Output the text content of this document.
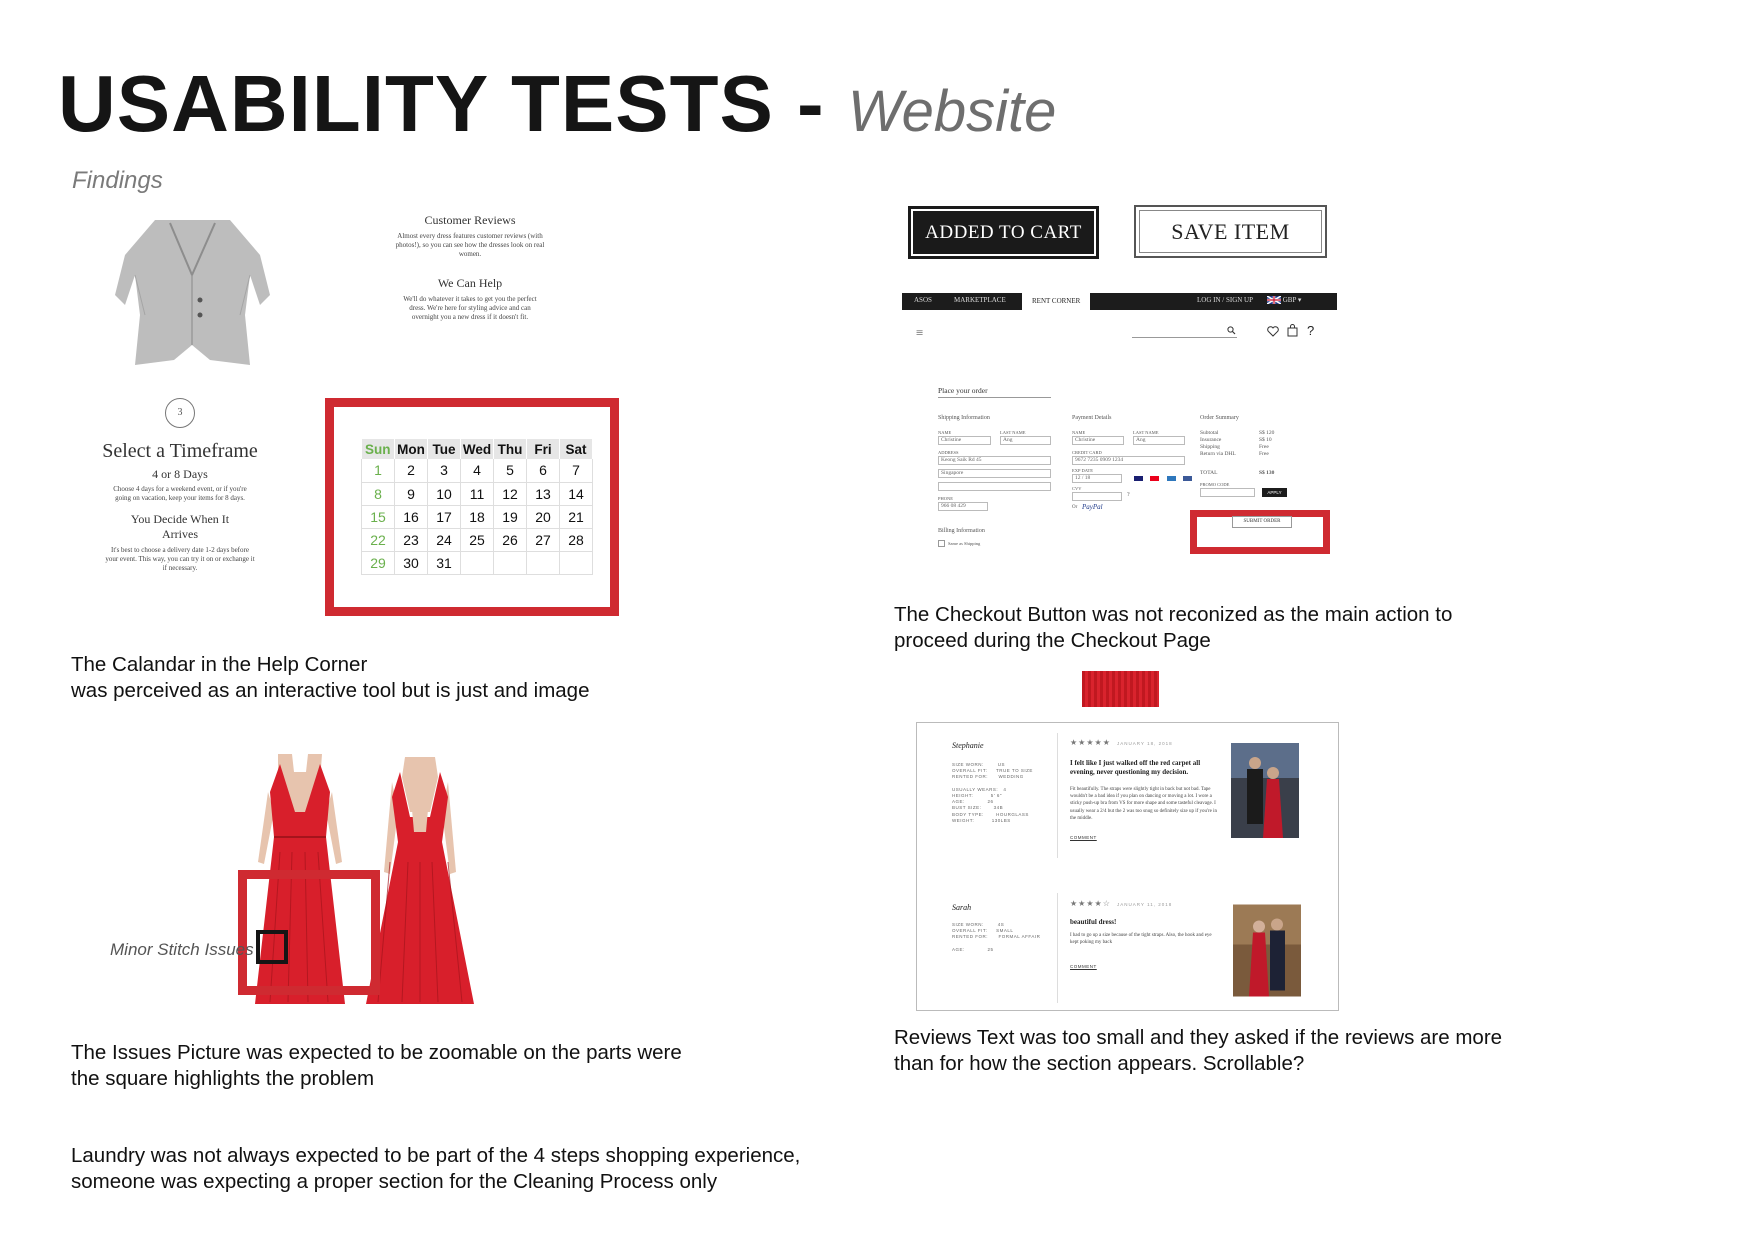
USABILITY TESTS - Website
Findings
Customer Reviews
Almost every dress features customer reviews (with photos!), so you can see how the dresses look on real women.
We Can Help
We'll do whatever it takes to get you the perfect dress. We're here for styling advice and can overnight you a new dress if it doesn't fit.
3
Select a Timeframe
4 or 8 Days
Choose 4 days for a weekend event, or if you're going on vacation, keep your items for 8 days.
You Decide When It Arrives
It's best to choose a delivery date 1-2 days before your event. This way, you can try it on or exchange it if necessary.
Sun	Mon	Tue	Wed	Thu	Fri	Sat
1	2	3	4	5	6	7
8	9	10	11	12	13	14
15	16	17	18	19	20	21
22	23	24	25	26	27	28
29	30	31				
The Calandar in the Help Corner
was perceived as an interactive tool but is just and image
Minor Stitch Issues
The Issues Picture was expected to be zoomable on the parts were
the square highlights the problem
Laundry was not always expected to be part of the 4 steps shopping experience,
someone was expecting a proper section for the Cleaning Process only
ADDED TO CART (1)
SAVE ITEM
ASOS	MARKETPLACE	RENT CORNER	LOG IN / SIGN UP	GBP ▾
≡	?
Place your order
Shipping Information
NAME	LAST NAME
Christine	Ang
ADDRESS
Keong Saik Rd 45
Singapore
PHONE
966 08 429
Billing Information
Same as Shipping
Payment Details
NAME	LAST NAME
Christine	Ang
CREDIT CARD
9672 7235 0909 1234
EXP DATE
12 / 18

CVV
?
Or PayPal
Order Summary
Subtotal	S$ 120
Insurance	S$ 10
Shipping	Free
Return via DHL	Free
TOTAL	S$ 130
PROMO CODE
APPLY
SUBMIT ORDER
The Checkout Button was not reconized as the main action to
proceed during the Checkout Page
Stephanie
SIZE WORN:        US
OVERALL FIT:     TRUE TO SIZE
RENTED FOR:      WEDDING

USUALLY WEARS:   4
HEIGHT:          5' 6"
AGE:             26
BUST SIZE:       34B
BODY TYPE:       HOURGLASS
WEIGHT:          130LBS
★★★★★ JANUARY 18, 2018
I felt like I just walked off the red carpet all evening, never questioning my decision.
Fit beautifully. The straps were slightly tight in back but not bad. Tape wouldn't be a bad idea if you plan on dancing or moving a lot. I wore a sticky push-up bra from VS for more shape and some tasteful cleavage. I usually wear a 2/4 but the 2 was too snug so definitely size up if you're in the middle.
COMMENT
Sarah
SIZE WORN:        4S
OVERALL FIT:     SMALL
RENTED FOR:      FORMAL AFFAIR

AGE:             25
★★★★☆ JANUARY 11, 2018
beautiful dress!
I had to go up a size because of the tight straps. Also, the hook and eye kept poking my back
COMMENT
Reviews Text was too small and they asked if the reviews are more
than for how the section appears. Scrollable?
